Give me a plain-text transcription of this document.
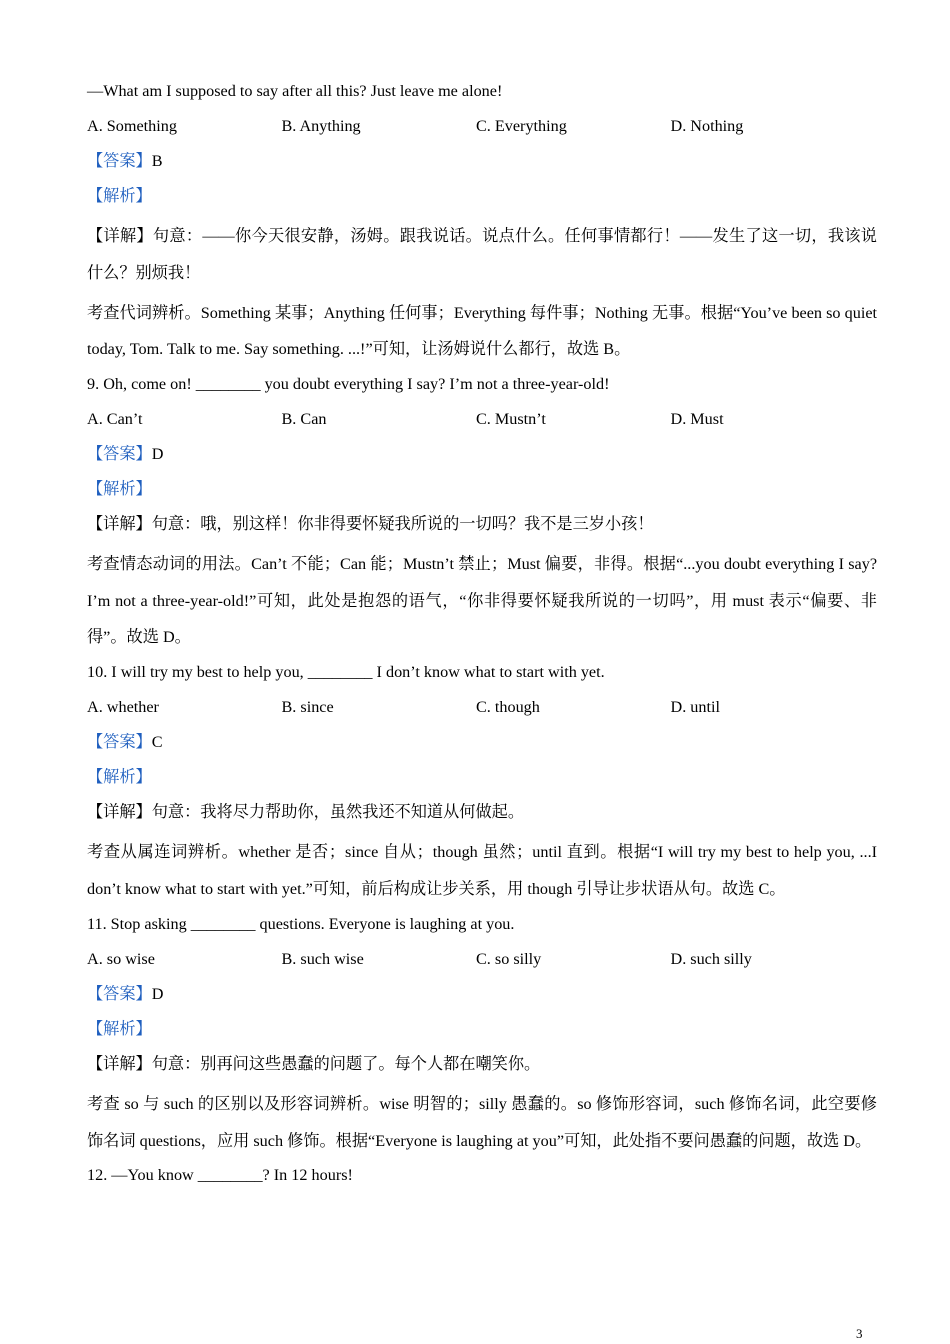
—What am I supposed to say after all this? Just leave me alone!
A. Something	B. Anything	C. Everything	D. Nothing
【答案】B
【解析】
【详解】句意：——你今天很安静，汤姆。跟我说话。说点什么。任何事情都行！——发生了这一切，我该说什么？别烦我！
考查代词辨析。Something 某事；Anything 任何事；Everything 每件事；Nothing 无事。根据“You’ve been so quiet today, Tom. Talk to me. Say something. ...!”可知，让汤姆说什么都行，故选 B。
9. Oh, come on! ________ you doubt everything I say? I’m not a three-year-old!
A. Can’t	B. Can	C. Mustn’t	D. Must
【答案】D
【解析】
【详解】句意：哦，别这样！你非得要怀疑我所说的一切吗？我不是三岁小孩！
考查情态动词的用法。Can’t 不能；Can 能；Mustn’t 禁止；Must 偏要，非得。根据“...you doubt everything I say? I’m not a three-year-old!”可知，此处是抱怨的语气，“你非得要怀疑我所说的一切吗”，用 must 表示“偏要、非得”。故选 D。
10. I will try my best to help you, ________ I don’t know what to start with yet.
A. whether	B. since	C. though	D. until
【答案】C
【解析】
【详解】句意：我将尽力帮助你，虽然我还不知道从何做起。
考查从属连词辨析。whether 是否；since 自从；though 虽然；until 直到。根据“I will try my best to help you, ...I don’t know what to start with yet.”可知，前后构成让步关系，用 though 引导让步状语从句。故选 C。
11. Stop asking ________ questions. Everyone is laughing at you.
A. so wise	B. such wise	C. so silly	D. such silly
【答案】D
【解析】
【详解】句意：别再问这些愚蠢的问题了。每个人都在嘲笑你。
考查 so 与 such 的区别以及形容词辨析。wise 明智的；silly 愚蠢的。so 修饰形容词，such 修饰名词，此空要修饰名词 questions，应用 such 修饰。根据“Everyone is laughing at you”可知，此处指不要问愚蠢的问题，故选 D。
12. —You know ________? In 12 hours!
3
